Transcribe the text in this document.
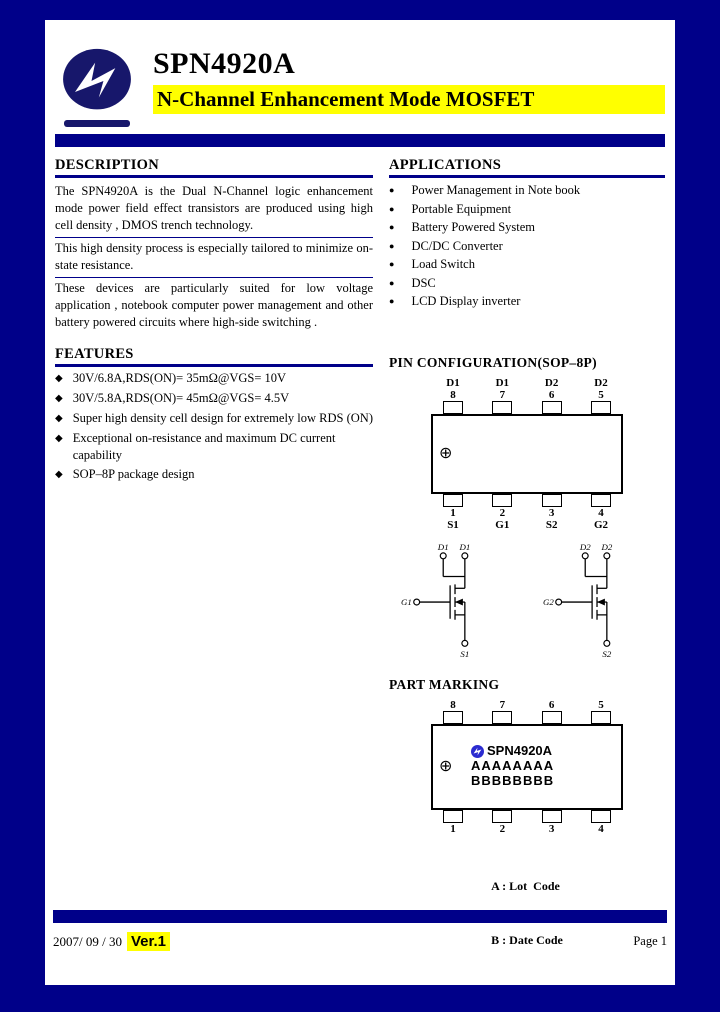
SPN4920A
N-Channel Enhancement Mode MOSFET
DESCRIPTION

The SPN4920A is the Dual N-Channel logic enhancement mode power field effect transistors are produced using high cell density , DMOS trench technology.

This high density process is especially tailored to minimize on-state resistance.

These devices are particularly suited for low voltage application , notebook computer power management and other battery powered circuits where high-side switching .

FEATURES
◆ 30V/6.8A,RDS(ON)= 35mΩ@VGS= 10V
◆ 30V/5.8A,RDS(ON)= 45mΩ@VGS= 4.5V
◆ Super high density cell design for extremely low RDS (ON)
◆ Exceptional on-resistance and maximum DC current capability
◆ SOP–8P package design
APPLICATIONS
● Power Management in Note book
● Portable Equipment
● Battery Powered System
● DC/DC Converter
● Load Switch
● DSC
● LCD Display inverter
PIN CONFIGURATION(SOP–8P)
D1	D1	D2	D2
8	7	6	5
⊕
1	2	3	4
S1	G1	S2	G2
D1 D1
G1
S1
D2 D2
G2
S2
PART MARKING
8	7	6	5
⊕
SPN4920A
AAAAAAAA
BBBBBBBB
1	2	3	4

A : Lot  Code

B : Date Code

2007/ 09 / 30 Ver.1	Page 1
